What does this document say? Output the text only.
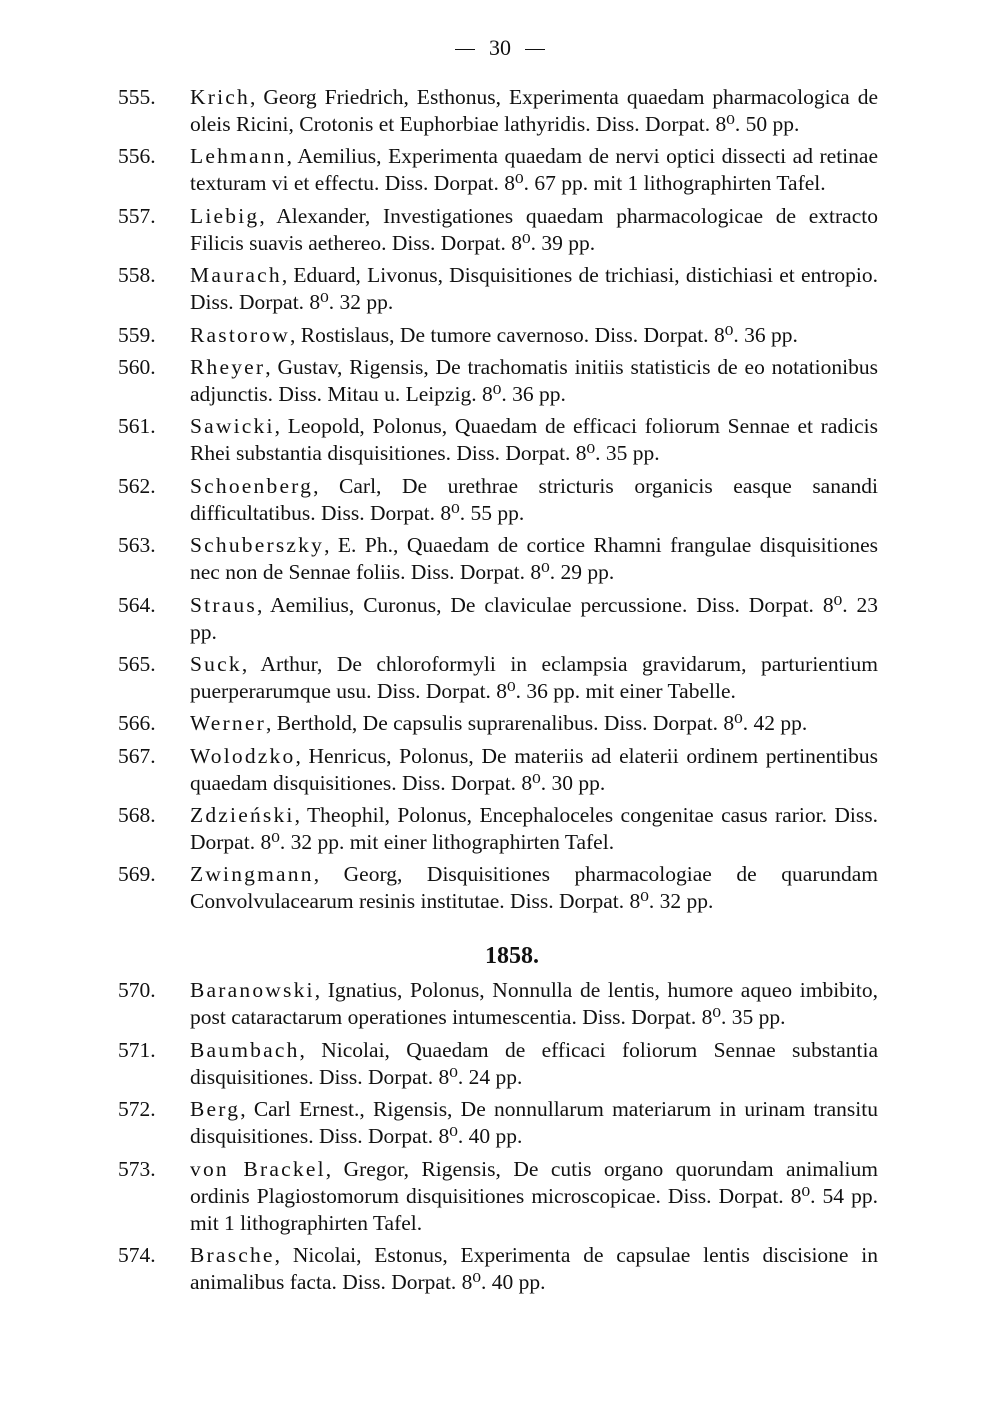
30
555.	Krich, Georg Friedrich, Esthonus, Experimenta quaedam pharmacologica de oleis Ricini, Crotonis et Euphorbiae lathyridis. Diss. Dorpat. 8⁰. 50 pp.
556.	Lehmann, Aemilius, Experimenta quaedam de nervi optici dissecti ad retinae texturam vi et effectu. Diss. Dorpat. 8⁰. 67 pp. mit 1 lithographirten Tafel.
557.	Liebig, Alexander, Investigationes quaedam pharmacologicae de extracto Filicis suavis aethereo. Diss. Dorpat. 8⁰. 39 pp.
558.	Maurach, Eduard, Livonus, Disquisitiones de trichiasi, distichiasi et entropio. Diss. Dorpat. 8⁰. 32 pp.
559.	Rastorow, Rostislaus, De tumore cavernoso. Diss. Dorpat. 8⁰. 36 pp.
560.	Rheyer, Gustav, Rigensis, De trachomatis initiis statisticis de eo notationibus adjunctis. Diss. Mitau u. Leipzig. 8⁰. 36 pp.
561.	Sawicki, Leopold, Polonus, Quaedam de efficaci foliorum Sennae et radicis Rhei substantia disquisitiones. Diss. Dorpat. 8⁰. 35 pp.
562.	Schoenberg, Carl, De urethrae stricturis organicis easque sanandi difficultatibus. Diss. Dorpat. 8⁰. 55 pp.
563.	Schuberszky, E. Ph., Quaedam de cortice Rhamni frangulae disquisitiones nec non de Sennae foliis. Diss. Dorpat. 8⁰. 29 pp.
564.	Straus, Aemilius, Curonus, De claviculae percussione. Diss. Dorpat. 8⁰. 23 pp.
565.	Suck, Arthur, De chloroformyli in eclampsia gravidarum, parturientium puerperarumque usu. Diss. Dorpat. 8⁰. 36 pp. mit einer Tabelle.
566.	Werner, Berthold, De capsulis suprarenalibus. Diss. Dorpat. 8⁰. 42 pp.
567.	Wolodzko, Henricus, Polonus, De materiis ad elaterii ordinem pertinentibus quaedam disquisitiones. Diss. Dorpat. 8⁰. 30 pp.
568.	Zdzieński, Theophil, Polonus, Encephaloceles congenitae casus rarior. Diss. Dorpat. 8⁰. 32 pp. mit einer lithographirten Tafel.
569.	Zwingmann, Georg, Disquisitiones pharmacologiae de quarundam Convolvulacearum resinis institutae. Diss. Dorpat. 8⁰. 32 pp.
1858.
570.	Baranowski, Ignatius, Polonus, Nonnulla de lentis, humore aqueo imbibito, post cataractarum operationes intumescentia. Diss. Dorpat. 8⁰. 35 pp.
571.	Baumbach, Nicolai, Quaedam de efficaci foliorum Sennae substantia disquisitiones. Diss. Dorpat. 8⁰. 24 pp.
572.	Berg, Carl Ernest., Rigensis, De nonnullarum materiarum in urinam transitu disquisitiones. Diss. Dorpat. 8⁰. 40 pp.
573.	von Brackel, Gregor, Rigensis, De cutis organo quorundam animalium ordinis Plagiostomorum disquisitiones microscopicae. Diss. Dorpat. 8⁰. 54 pp. mit 1 lithographirten Tafel.
574.	Brasche, Nicolai, Estonus, Experimenta de capsulae lentis discisione in animalibus facta. Diss. Dorpat. 8⁰. 40 pp.
